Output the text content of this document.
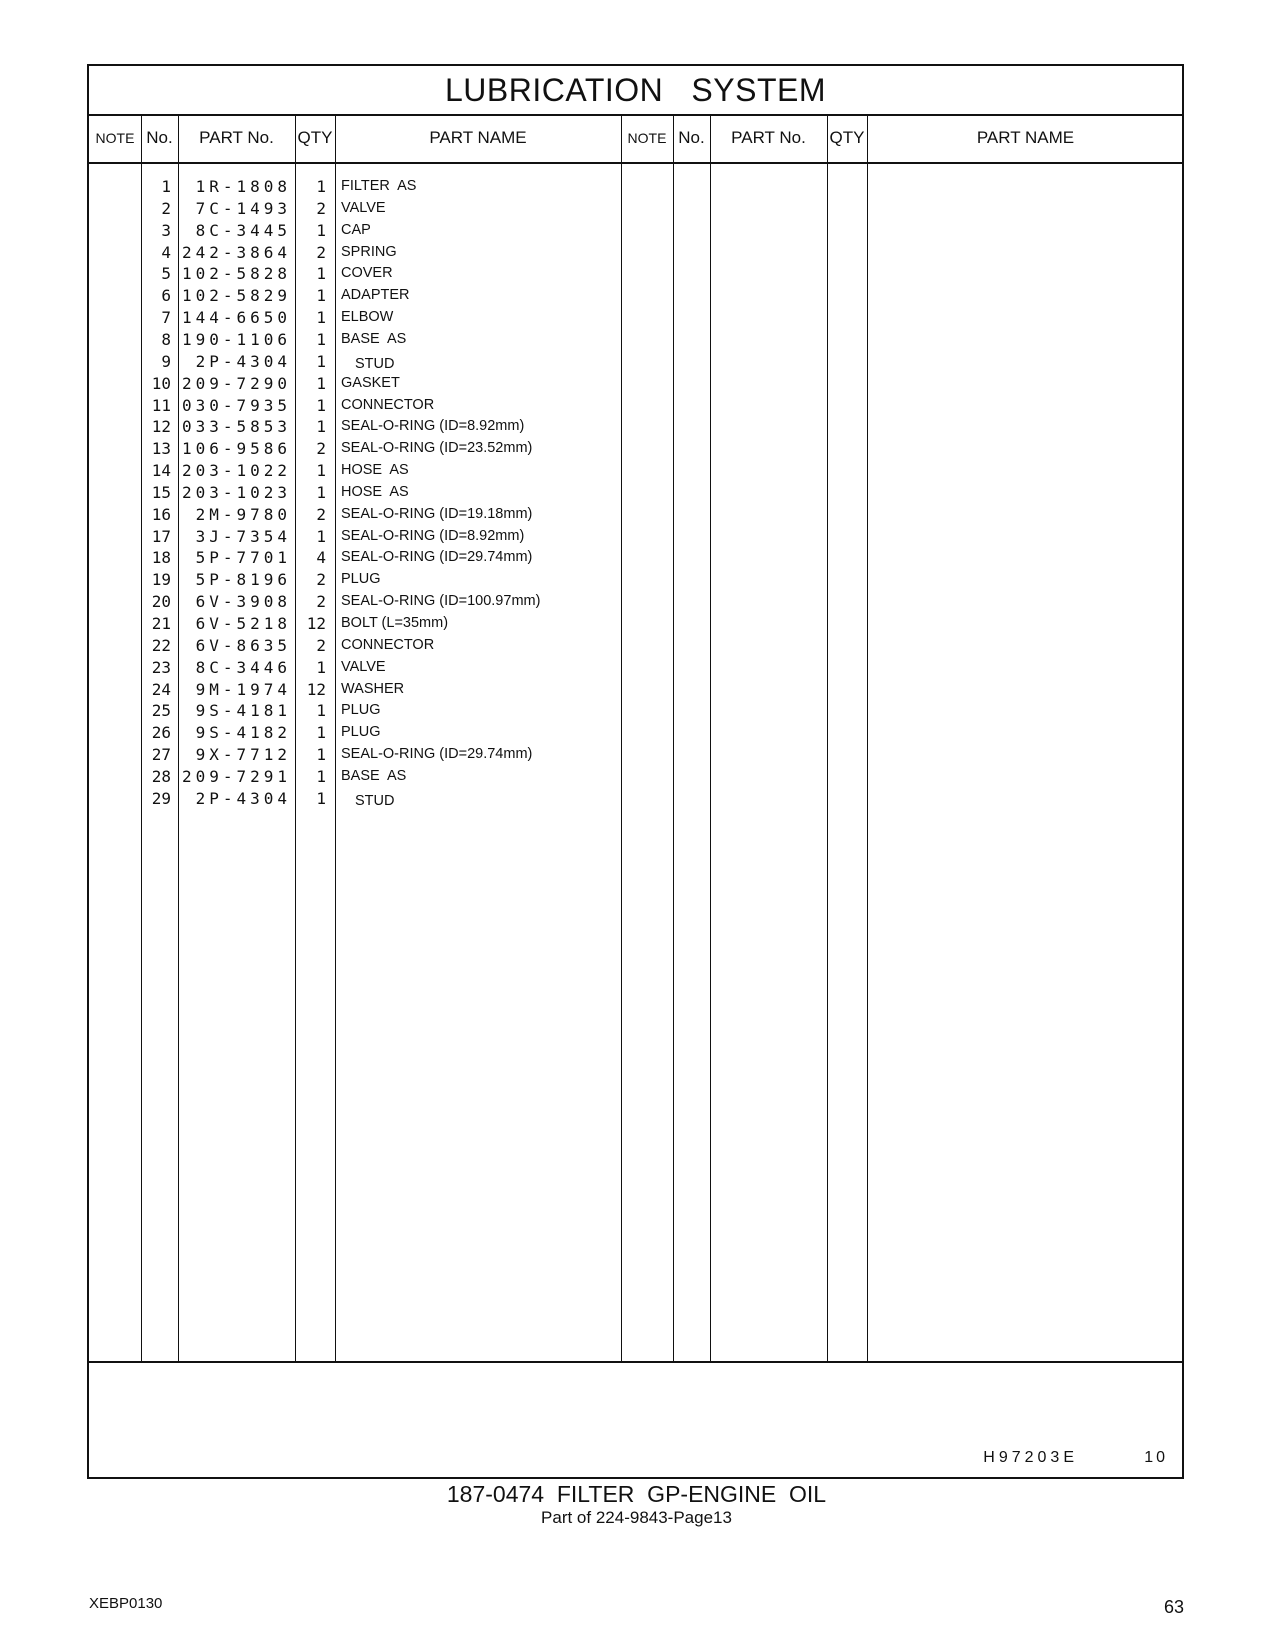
LUBRICATION   SYSTEM
NOTE No.	PART No.	QTY	PART NAME	NOTE No.	PART No.	QTY	PART NAME
1	1R-1808	1 FILTER  AS
2	7C-1493	2 VALVE
3	8C-3445	1 CAP
4 242-3864	2 SPRING
5 102-5828	1 COVER
6 102-5829	1 ADAPTER
7 144-6650	1 ELBOW
8 190-1106	1 BASE  AS
9	2P-4304	1 STUD
10 209-7290	1 GASKET
11 030-7935	1 CONNECTOR
12 033-5853	1 SEAL-O-RING (ID=8.92mm)
13 106-9586	2 SEAL-O-RING (ID=23.52mm)
14 203-1022	1 HOSE  AS
15 203-1023	1 HOSE  AS
16	2M-9780	2 SEAL-O-RING (ID=19.18mm)
17	3J-7354	1 SEAL-O-RING (ID=8.92mm)
18	5P-7701	4 SEAL-O-RING (ID=29.74mm)
19	5P-8196	2 PLUG
20	6V-3908	2 SEAL-O-RING (ID=100.97mm)
21	6V-5218 12 BOLT (L=35mm)
22	6V-8635	2 CONNECTOR
23	8C-3446	1 VALVE
24	9M-1974 12 WASHER
25	9S-4181	1 PLUG
26	9S-4182	1 PLUG
27	9X-7712	1 SEAL-O-RING (ID=29.74mm)
28 209-7291	1 BASE  AS
29	2P-4304	1 STUD
H97203E	10
187-0474  FILTER  GP-ENGINE  OIL
Part of 224-9843-Page13
XEBP0130	63
